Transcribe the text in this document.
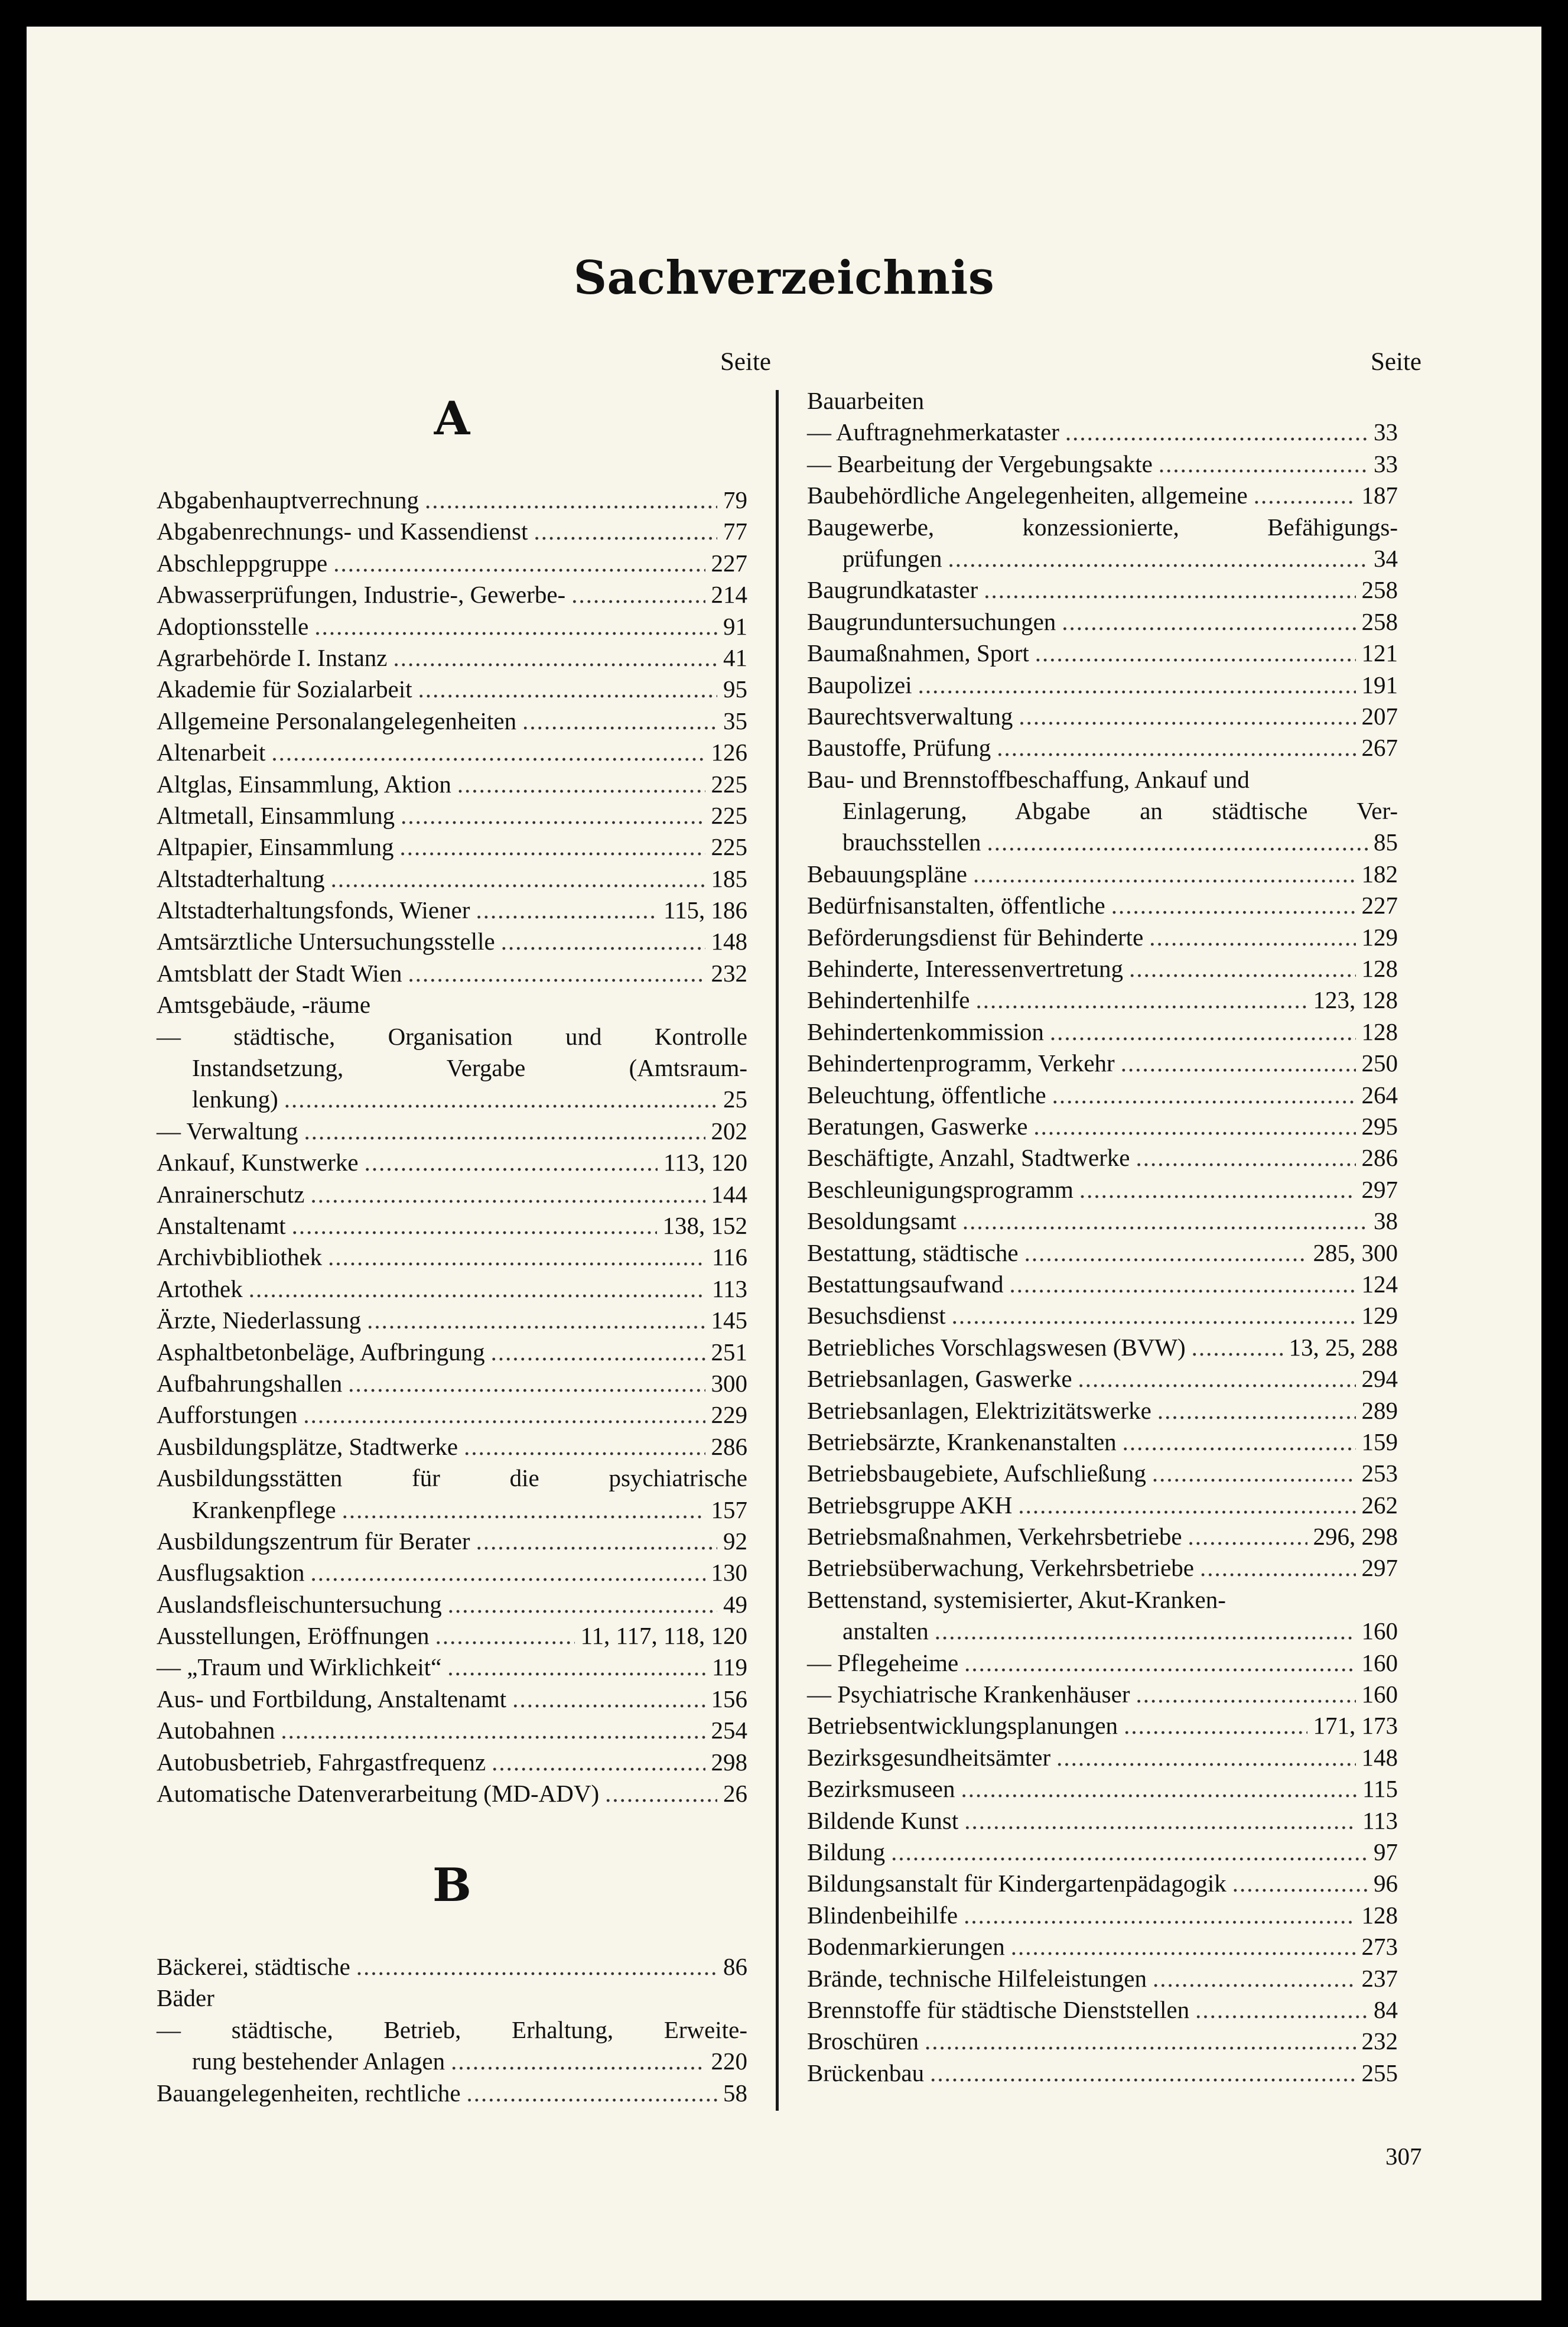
Sachverzeichnis
Seite
A
Abgabenhauptverrechnung .....	79
Abgabenrechnungs- und Kassendienst .....	77
Abschleppgruppe .....	227
Abwasserprüfungen, Industrie-, Gewerbe- .....	214
Adoptionsstelle .....	91
Agrarbehörde I. Instanz .....	41
Akademie für Sozialarbeit .....	95
Allgemeine Personalangelegenheiten .....	35
Altenarbeit .....	126
Altglas, Einsammlung, Aktion .....	225
Altmetall, Einsammlung .....	225
Altpapier, Einsammlung .....	225
Altstadterhaltung .....	185
Altstadterhaltungsfonds, Wiener .....	115, 186
Amtsärztliche Untersuchungsstelle .....	148
Amtsblatt der Stadt Wien .....	232
Amtsgebäude, -räume
— städtische, Organisation und Kontrolle
Instandsetzung, Vergabe (Amtsraum-
lenkung) .....	25
— Verwaltung .....	202
Ankauf, Kunstwerke .....	113, 120
Anrainerschutz .....	144
Anstaltenamt .....	138, 152
Archivbibliothek .....	116
Artothek .....	113
Ärzte, Niederlassung .....	145
Asphaltbetonbeläge, Aufbringung .....	251
Aufbahrungshallen .....	300
Aufforstungen .....	229
Ausbildungsplätze, Stadtwerke .....	286
Ausbildungsstätten für die psychiatrische
Krankenpflege .....	157
Ausbildungszentrum für Berater .....	92
Ausflugsaktion .....	130
Auslandsfleischuntersuchung .....	49
Ausstellungen, Eröffnungen .....	11, 117, 118, 120
— „Traum und Wirklichkeit“ .....	119
Aus- und Fortbildung, Anstaltenamt .....	156
Autobahnen .....	254
Autobusbetrieb, Fahrgastfrequenz .....	298
Automatische Datenverarbeitung (MD-ADV) .....	26
B
Bäckerei, städtische .....	86
Bäder
— städtische, Betrieb, Erhaltung, Erweite-
rung bestehender Anlagen .....	220
Bauangelegenheiten, rechtliche .....	58
Seite
Bauarbeiten
— Auftragnehmerkataster .....	33
— Bearbeitung der Vergebungsakte .....	33
Baubehördliche Angelegenheiten, allgemeine .....	187
Baugewerbe, konzessionierte, Befähigungs-
prüfungen .....	34
Baugrundkataster .....	258
Baugrunduntersuchungen .....	258
Baumaßnahmen, Sport .....	121
Baupolizei .....	191
Baurechtsverwaltung .....	207
Baustoffe, Prüfung .....	267
Bau- und Brennstoffbeschaffung, Ankauf und
Einlagerung, Abgabe an städtische Ver-
brauchsstellen .....	85
Bebauungspläne .....	182
Bedürfnisanstalten, öffentliche .....	227
Beförderungsdienst für Behinderte .....	129
Behinderte, Interessenvertretung .....	128
Behindertenhilfe .....	123, 128
Behindertenkommission .....	128
Behindertenprogramm, Verkehr .....	250
Beleuchtung, öffentliche .....	264
Beratungen, Gaswerke .....	295
Beschäftigte, Anzahl, Stadtwerke .....	286
Beschleunigungsprogramm .....	297
Besoldungsamt .....	38
Bestattung, städtische .....	285, 300
Bestattungsaufwand .....	124
Besuchsdienst .....	129
Betriebliches Vorschlagswesen (BVW) .....	13, 25, 288
Betriebsanlagen, Gaswerke .....	294
Betriebsanlagen, Elektrizitätswerke .....	289
Betriebsärzte, Krankenanstalten .....	159
Betriebsbaugebiete, Aufschließung .....	253
Betriebsgruppe AKH .....	262
Betriebsmaßnahmen, Verkehrsbetriebe .....	296, 298
Betriebsüberwachung, Verkehrsbetriebe .....	297
Bettenstand, systemisierter, Akut-Kranken-
anstalten .....	160
— Pflegeheime .....	160
— Psychiatrische Krankenhäuser .....	160
Betriebsentwicklungsplanungen .....	171, 173
Bezirksgesundheitsämter .....	148
Bezirksmuseen .....	115
Bildende Kunst .....	113
Bildung .....	97
Bildungsanstalt für Kindergartenpädagogik .....	96
Blindenbeihilfe .....	128
Bodenmarkierungen .....	273
Brände, technische Hilfeleistungen .....	237
Brennstoffe für städtische Dienststellen .....	84
Broschüren .....	232
Brückenbau .....	255
307
